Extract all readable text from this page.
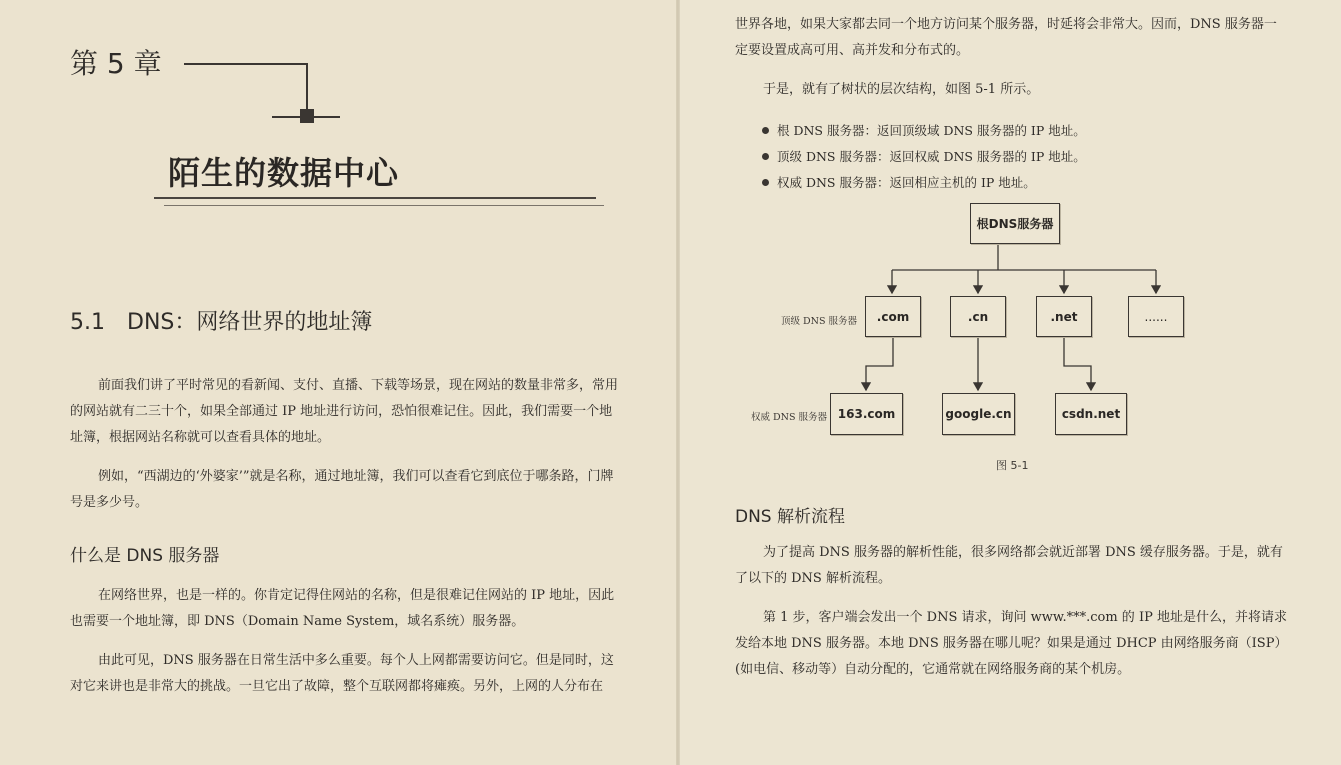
第 5 章
陌生的数据中心
5.1 DNS：网络世界的地址簿
前面我们讲了平时常见的看新闻、支付、直播、下载等场景，现在网站的数量非常多，常用的网站就有二三十个，如果全部通过 IP 地址进行访问，恐怕很难记住。因此，我们需要一个地址簿，根据网站名称就可以查看具体的地址。
例如，“西湖边的‘外婆家’”就是名称，通过地址簿，我们可以查看它到底位于哪条路，门牌号是多少号。
什么是 DNS 服务器
在网络世界，也是一样的。你肯定记得住网站的名称，但是很难记住网站的 IP 地址，因此也需要一个地址簿，即 DNS（Domain Name System，域名系统）服务器。
由此可见，DNS 服务器在日常生活中多么重要。每个人上网都需要访问它。但是同时，这对它来讲也是非常大的挑战。一旦它出了故障，整个互联网都将瘫痪。另外，上网的人分布在
世界各地，如果大家都去同一个地方访问某个服务器，时延将会非常大。因而，DNS 服务器一定要设置成高可用、高并发和分布式的。
于是，就有了树状的层次结构，如图 5-1 所示。
根 DNS 服务器：返回顶级域 DNS 服务器的 IP 地址。
顶级 DNS 服务器：返回权威 DNS 服务器的 IP 地址。
权威 DNS 服务器：返回相应主机的 IP 地址。
根DNS服务器
顶级 DNS 服务器	.com	.cn	.net	......
权威 DNS 服务器 163.com	google.cn	csdn.net
图 5-1
DNS 解析流程
为了提高 DNS 服务器的解析性能，很多网络都会就近部署 DNS 缓存服务器。于是，就有了以下的 DNS 解析流程。
第 1 步，客户端会发出一个 DNS 请求，询问 www.***.com 的 IP 地址是什么，并将请求发给本地 DNS 服务器。本地 DNS 服务器在哪儿呢？如果是通过 DHCP 由网络服务商（ISP）(如电信、移动等）自动分配的，它通常就在网络服务商的某个机房。
